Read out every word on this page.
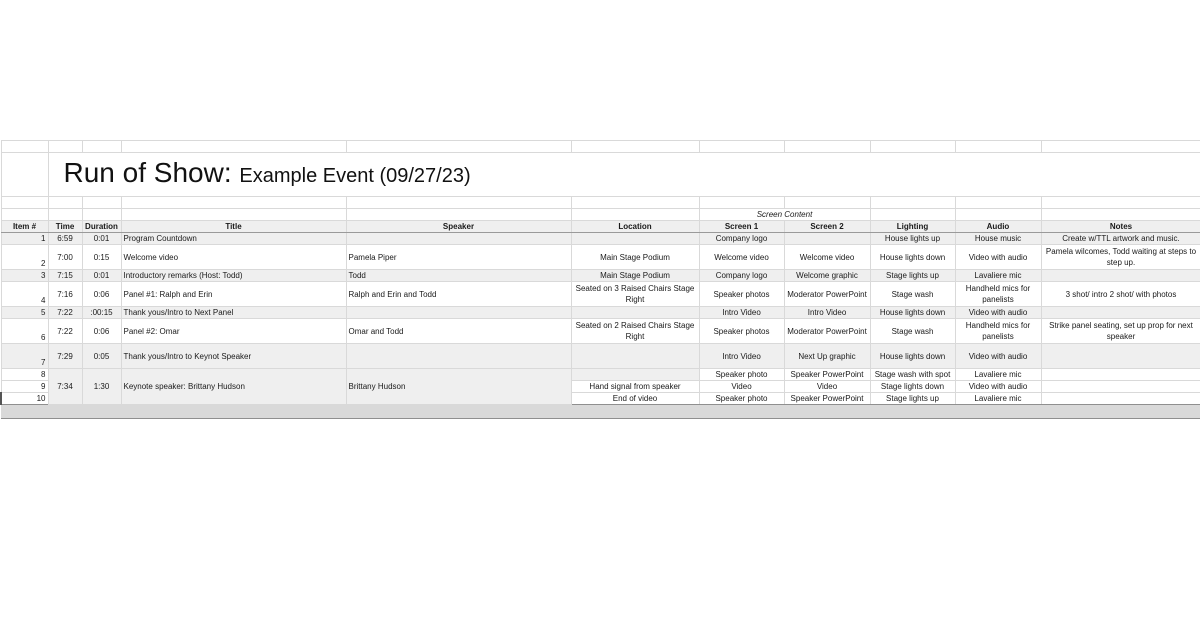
	Run of Show: Example Event (09/27/23)									

						Screen Content				
Item #	Time	Duration	Title	Speaker	Location	Screen 1	Screen 2	Lighting	Audio	Notes
1	6:59	0:01	Program Countdown			Company logo		House lights up	House music	Create w/TTL artwork and music.
2	7:00	0:15	Welcome video	Pamela Piper	Main Stage Podium	Welcome video	Welcome video	House lights down	Video with audio	Pamela wilcomes, Todd waiting at steps to step up.
3	7:15	0:01	Introductory remarks (Host: Todd)	Todd	Main Stage Podium	Company logo	Welcome graphic	Stage lights up	Lavaliere mic	
4	7:16	0:06	Panel #1: Ralph and Erin	Ralph and Erin and Todd	Seated on 3 Raised Chairs Stage Right	Speaker photos	Moderator PowerPoint	Stage wash	Handheld mics for panelists	3 shot/ intro 2 shot/ with photos
5	7:22	:00:15	Thank yous/Intro to Next Panel			Intro Video	Intro Video	House lights down	Video with audio	
6	7:22	0:06	Panel #2: Omar	Omar and Todd	Seated on 2 Raised Chairs Stage Right	Speaker photos	Moderator PowerPoint	Stage wash	Handheld mics for panelists	Strike panel seating, set up prop for next speaker
7	7:29	0:05	Thank yous/Intro to Keynot Speaker			Intro Video	Next Up graphic	House lights down	Video with audio	
8	7:34	1:30	Keynote speaker: Brittany Hudson	Brittany Hudson		Speaker photo	Speaker PowerPoint	Stage wash with spot	Lavaliere mic	
9					Hand signal from speaker	Video	Video	Stage lights down	Video with audio	
10					End of video	Speaker photo	Speaker PowerPoint	Stage lights up	Lavaliere mic	
